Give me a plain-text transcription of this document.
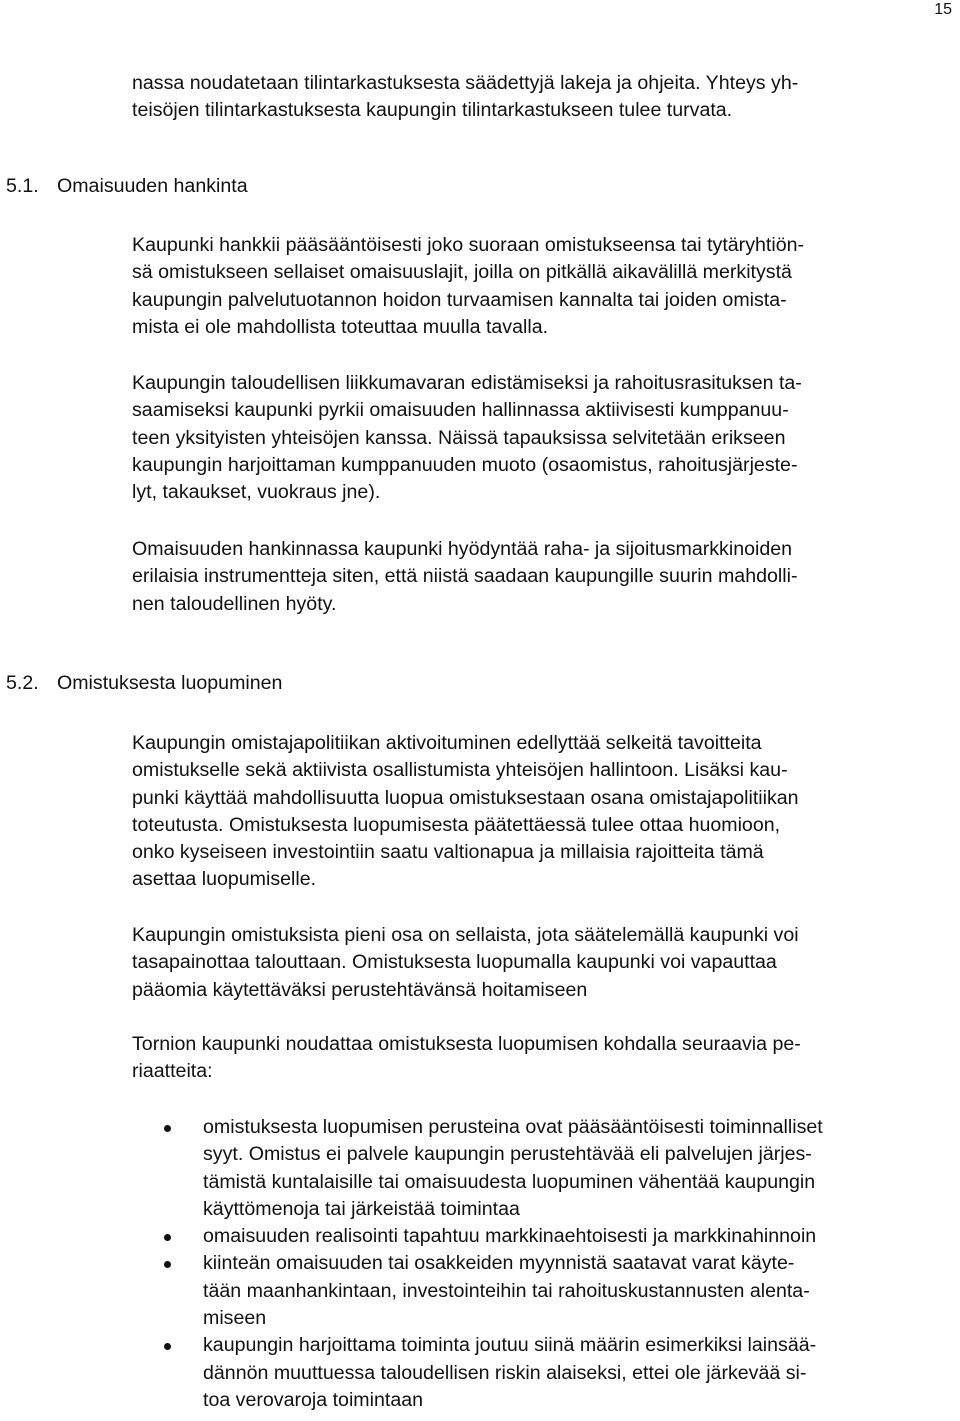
15
nassa noudatetaan tilintarkastuksesta säädettyjä lakeja ja ohjeita. Yhteys yh-
teisöjen tilintarkastuksesta kaupungin tilintarkastukseen tulee turvata.
5.1. Omaisuuden hankinta
Kaupunki hankkii pääsääntöisesti joko suoraan omistukseensa tai tytäryhtiön-
sä omistukseen sellaiset omaisuuslajit, joilla on pitkällä aikavälillä merkitystä
kaupungin palvelutuotannon hoidon turvaamisen kannalta tai joiden omista-
mista ei ole mahdollista toteuttaa muulla tavalla.
Kaupungin taloudellisen liikkumavaran edistämiseksi ja rahoitusrasituksen ta-
saamiseksi kaupunki pyrkii omaisuuden hallinnassa aktiivisesti kumppanuu-
teen yksityisten yhteisöjen kanssa. Näissä tapauksissa selvitetään erikseen
kaupungin harjoittaman kumppanuuden muoto (osaomistus, rahoitusjärjeste-
lyt, takaukset, vuokraus jne).
Omaisuuden hankinnassa kaupunki hyödyntää raha- ja sijoitusmarkkinoiden
erilaisia instrumentteja siten, että niistä saadaan kaupungille suurin mahdolli-
nen taloudellinen hyöty.
5.2. Omistuksesta luopuminen
Kaupungin omistajapolitiikan aktivoituminen edellyttää selkeitä tavoitteita
omistukselle sekä aktiivista osallistumista yhteisöjen hallintoon. Lisäksi kau-
punki käyttää mahdollisuutta luopua omistuksestaan osana omistajapolitiikan
toteutusta. Omistuksesta luopumisesta päätettäessä tulee ottaa huomioon,
onko kyseiseen investointiin saatu valtionapua ja millaisia rajoitteita tämä
asettaa luopumiselle.
Kaupungin omistuksista pieni osa on sellaista, jota säätelemällä kaupunki voi
tasapainottaa talouttaan. Omistuksesta luopumalla kaupunki voi vapauttaa
pääomia käytettäväksi perustehtävänsä hoitamiseen
Tornion kaupunki noudattaa omistuksesta luopumisen kohdalla seuraavia pe-
riaatteita:
omistuksesta luopumisen perusteina ovat pääsääntöisesti toiminnalliset
syyt. Omistus ei palvele kaupungin perustehtävää eli palvelujen järjes-
tämistä kuntalaisille tai omaisuudesta luopuminen vähentää kaupungin
käyttömenoja tai järkeistää toimintaa
omaisuuden realisointi tapahtuu markkinaehtoisesti ja markkinahinnoin
kiinteän omaisuuden tai osakkeiden myynnistä saatavat varat käyte-
tään maanhankintaan, investointeihin tai rahoituskustannusten alenta-
miseen
kaupungin harjoittama toiminta joutuu siinä määrin esimerkiksi lainsää-
dännön muuttuessa taloudellisen riskin alaiseksi, ettei ole järkevää si-
toa verovaroja toimintaan
